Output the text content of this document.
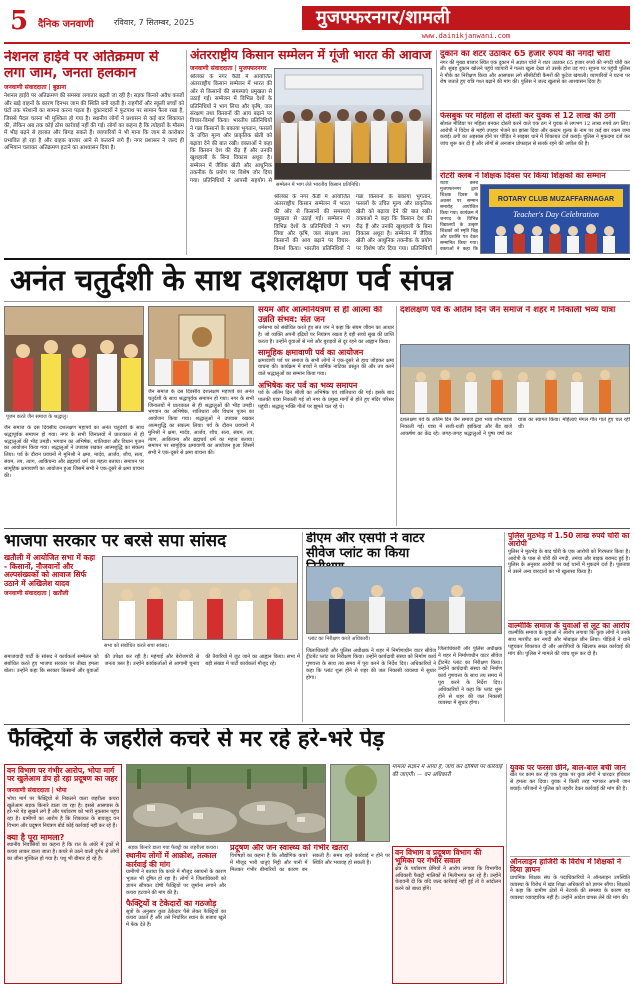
5 दैनिक जनवाणी	रविवार, 7 सितम्बर, 2025	मुजफ्फरनगर/शामली
www.dainikjanwani.com
नेशनल हाईवे पर अतिक्रमण से लगा जाम, जनता हलकान
जनवाणी संवाददाता | बुढाना
नेशनल हाईवे पर अतिक्रमण की समस्या लगातार बढ़ती जा रही है। सड़क किनारे अवैध कब्जों और खड़े वाहनों के कारण दिनभर जाम की स्थिति बनी रहती है। राहगीरों और स्कूली बच्चों को घंटों तक परेशानी का सामना करना पड़ता है। दुकानदारों ने फुटपाथ पर सामान फैला रखा है, जिससे पैदल चलना भी मुश्किल हो गया है। स्थानीय लोगों ने प्रशासन से कई बार शिकायत की, लेकिन अब तक कोई ठोस कार्रवाई नहीं की गई। लोगों का कहना है कि त्योहारों के मौसम में भीड़ बढ़ने से हालात और बिगड़ सकते हैं। व्यापारियों ने भी माना कि जाम से कारोबार प्रभावित हो रहा है और ग्राहक बाजार आने से कतराने लगे हैं। नगर प्रशासन ने जल्द ही अभियान चलाकर अतिक्रमण हटाने का आश्वासन दिया है।
अंतरराष्ट्रीय किसान सम्मेलन में गूंजी भारत की आवाज
जनवाणी संवाददाता | मुजफ्फरनगर
श्रीलंका के नगर कैंडी में आयोजित अंतरराष्ट्रीय किसान सम्मेलन में भारत की ओर से किसानों की समस्याएं प्रमुखता से उठाई गईं। सम्मेलन में विभिन्न देशों के प्रतिनिधियों ने भाग लिया और कृषि, जल संरक्षण तथा किसानों की आय बढ़ाने पर विचार-विमर्श किया। भारतीय प्रतिनिधियों ने गन्ना किसानों के बकाया भुगतान, फसलों के उचित मूल्य और प्राकृतिक खेती को बढ़ावा देने की बात रखी। वक्ताओं ने कहा कि किसान देश की रीढ़ हैं और उनकी खुशहाली के बिना विकास अधूरा है। सम्मेलन में जैविक खेती और आधुनिक तकनीक के प्रयोग पर विशेष जोर दिया गया। प्रतिनिधियों ने आपसी सहयोग से
सम्मेलन में भाग लेते भारतीय किसान प्रतिनिधि।
श्रीलंका के नगर कैंडी में आयोजित अंतरराष्ट्रीय किसान सम्मेलन में भारत की ओर से किसानों की समस्याएं प्रमुखता से उठाई गईं। सम्मेलन में विभिन्न देशों के प्रतिनिधियों ने भाग लिया और कृषि, जल संरक्षण तथा किसानों की आय बढ़ाने पर विचार-विमर्श किया। भारतीय प्रतिनिधियों ने गन्ना किसानों के बकाया भुगतान, फसलों के उचित मूल्य और प्राकृतिक खेती को बढ़ावा देने की बात रखी। वक्ताओं ने कहा कि किसान देश की रीढ़ हैं और उनकी खुशहाली के बिना विकास अधूरा है। सम्मेलन में जैविक खेती और आधुनिक तकनीक के प्रयोग पर विशेष जोर दिया गया। प्रतिनिधियों
दुकान का शटर उठाकर 65 हजार रुपये की नगदी चोरी
नगर की मुख्य बाजार स्थित एक दुकान में अज्ञात चोरों ने शटर उठाकर 65 हजार रुपये की नगदी चोरी कर ली। सुबह दुकान खोलने पहुंचे व्यापारी ने गल्ला खुला देखा तो उसके होश उड़ गए। सूचना पर पहुंची पुलिस ने मौके का निरीक्षण किया और आसपास लगे सीसीटीवी कैमरों की फुटेज खंगाली। व्यापारियों ने घटना पर रोष जताते हुए रात्रि गश्त बढ़ाने की मांग की। पुलिस ने जल्द खुलासे का आश्वासन दिया है।
फेसबुक पर महिला से दोस्ती कर युवक से 12 लाख की ठगी
सोशल मीडिया पर महिला बनकर दोस्ती करने वाले एक ठग ने युवक से लगभग 12 लाख रुपये ठग लिए। आरोपी ने विदेश से महंगे उपहार भेजने का झांसा दिया और कस्टम शुल्क के नाम पर कई बार रकम जमा कराई। ठगी का अहसास होने पर पीड़ित ने साइबर थाने में शिकायत दर्ज कराई। पुलिस ने मुकदमा दर्ज कर जांच शुरू कर दी है और लोगों से अनजान प्रोफाइल से सतर्क रहने की अपील की है।
रोटरी क्लब ने शिक्षक दिवस पर किया शिक्षकों का सम्मान
ROTARY CLUB MUZAFFARNAGAR
Teacher's Day Celebration
रोटरी क्लब मुजफ्फरनगर द्वारा शिक्षक दिवस के अवसर पर सम्मान समारोह आयोजित किया गया। कार्यक्रम में जनपद के विभिन्न विद्यालयों के उत्कृष्ट शिक्षकों को स्मृति चिह्न और प्रशस्ति पत्र देकर सम्मानित किया गया। वक्ताओं ने कहा कि
अनंत चतुर्दशी के साथ दशलक्षण पर्व संपन्न
पूजन करते जैन समाज के श्रद्धालु।
जैन समाज के दस दिवसीय दशलक्षण महापर्व का अनंत चतुर्दशी के साथ श्रद्धापूर्वक समापन हो गया। नगर के सभी जिनालयों में प्रातःकाल से ही श्रद्धालुओं की भीड़ उमड़ी। भगवान का अभिषेक, शांतिधारा और विधान पूजन का आयोजन किया गया। श्रद्धालुओं ने उपवास रखकर आत्मशुद्धि का संकल्प लिया। पर्व के दौरान प्रवचनों में मुनिश्री ने क्षमा, मार्दव, आर्जव, शौच, सत्य, संयम, तप, त्याग, आकिंचन्य और ब्रह्मचर्य धर्म का महत्व बताया। समापन पर सामूहिक क्षमावाणी का आयोजन हुआ जिसमें सभी ने एक-दूसरे से क्षमा याचना की।
जैन समाज के दस दिवसीय दशलक्षण महापर्व का अनंत चतुर्दशी के साथ श्रद्धापूर्वक समापन हो गया। नगर के सभी जिनालयों में प्रातःकाल से ही श्रद्धालुओं की भीड़ उमड़ी। भगवान का अभिषेक, शांतिधारा और विधान पूजन का आयोजन किया गया। श्रद्धालुओं ने उपवास रखकर आत्मशुद्धि का संकल्प लिया। पर्व के दौरान प्रवचनों में मुनिश्री ने क्षमा, मार्दव, आर्जव, शौच, सत्य, संयम, तप, त्याग, आकिंचन्य और ब्रह्मचर्य धर्म का महत्व बताया। समापन पर सामूहिक क्षमावाणी का आयोजन हुआ जिसमें सभी ने एक-दूसरे से क्षमा याचना की।
संयम और आत्मनियंत्रण से ही आत्मा की उन्नति संभव: संत जन
धर्मसभा को संबोधित करते हुए संत जन ने कहा कि संयम जीवन का आधार है। जो व्यक्ति अपनी इंद्रियों पर नियंत्रण रखता है वही सच्चे सुख की प्राप्ति करता है। उन्होंने युवाओं से नशे और बुराइयों से दूर रहने का आह्वान किया।
सामूहिक क्षमावाणी पर्व का आयोजन
क्षमावाणी पर्व पर समाज के सभी लोगों ने एक-दूसरे से हाथ जोड़कर क्षमा याचना की। कार्यक्रम में बच्चों ने धार्मिक नाटिका प्रस्तुत की और तप करने वाले श्रद्धालुओं का सम्मान किया गया।
अभिषेक कर पर्व का भव्य समापन
पर्व के अंतिम दिन श्रीजी का अभिषेक एवं शांतिधारा की गई। इसके बाद पालकी यात्रा निकाली गई जो नगर के प्रमुख मार्गों से होते हुए मंदिर परिसर पहुंची। श्रद्धालु भक्ति गीतों पर झूमते चल रहे थे।
दशलक्षण पर्व के अंतिम दिन जैन समाज ने शहर में निकाली भव्य यात्रा
दशलक्षण पर्व के अंतिम दिन जैन समाज द्वारा भव्य शोभायात्रा निकाली गई। यात्रा में सजी-धजी झांकियां और बैंड बाजे आकर्षण का केंद्र रहे। जगह-जगह श्रद्धालुओं ने पुष्प वर्षा कर यात्रा का स्वागत किया। महिलाएं मंगल गीत गाते हुए चल रही थीं।
भाजपा सरकार पर बरसे सपा सांसद
खतौली में आयोजित सभा में कहा - किसानों, नौजवानों और अल्पसंख्यकों को आवाज सिर्फ उठाने में अखिलेश यादव
सभा को संबोधित करते सपा सांसद।
जनवाणी संवाददाता | खतौली
समाजवादी पार्टी के सांसद ने कार्यकर्ता सम्मेलन को संबोधित करते हुए भाजपा सरकार पर तीखा हमला बोला। उन्होंने कहा कि सरकार किसानों और युवाओं की उपेक्षा कर रही है। महंगाई और बेरोजगारी से जनता त्रस्त है। उन्होंने कार्यकर्ताओं से आगामी चुनाव की तैयारियों में जुट जाने का आह्वान किया। सभा में बड़ी संख्या में पार्टी कार्यकर्ता मौजूद रहे।
डीएम और एसपी ने वाटर सीवेज प्लांट का किया
जिलाधिकारी और पुलिस अधीक्षक ने शहर में निर्माणाधीन वाटर सीवेज ट्रीटमेंट प्लांट का निरीक्षण किया। उन्होंने कार्यदायी संस्था को निर्माण कार्य गुणवत्ता के साथ तय समय में पूरा करने के निर्देश दिए। अधिकारियों ने कहा कि प्लांट शुरू होने से शहर की जल निकासी व्यवस्था में सुधार होगा।
प्लांट का निरीक्षण करते अधिकारी।
जिलाधिकारी और पुलिस अधीक्षक ने शहर में निर्माणाधीन वाटर सीवेज ट्रीटमेंट प्लांट का निरीक्षण किया। उन्होंने कार्यदायी संस्था को निर्माण कार्य गुणवत्ता के साथ तय समय में पूरा करने के निर्देश दिए। अधिकारियों ने कहा कि प्लांट शुरू होने से शहर की जल निकासी व्यवस्था में सुधार होगा।
पुलिस मुठभेड़ में 1.50 लाख रुपये चोरी का आरोपी
पुलिस ने मुठभेड़ के बाद चोरी के एक आरोपी को गिरफ्तार किया है। आरोपी के पास से चोरी की नगदी, तमंचा और बाइक बरामद हुई है। पुलिस के अनुसार आरोपी पर कई थानों में मुकदमे दर्ज हैं। पूछताछ में उसने अन्य वारदातों का भी खुलासा किया है।
वाल्मीकि समाज के युवाओं से लूट का आरोप
वाल्मीकि समाज के युवाओं ने आरोप लगाया कि कुछ लोगों ने उनके साथ मारपीट कर नगदी और मोबाइल छीन लिया। पीड़ितों ने थाने पहुंचकर शिकायत दी और आरोपियों के खिलाफ सख्त कार्रवाई की मांग की। पुलिस ने मामले की जांच शुरू कर दी है।
फैक्ट्रियों के जहरीले कचरे से मर रहे हरे-भरे पेड़
वन विभाग पर गंभीर आरोप, भोपा मार्ग पर खुलेआम डंप हो रहा प्रदूषण का जहर
जनवाणी संवाददाता | भोपा
भोपा मार्ग पर फैक्ट्रियों से निकलने वाला जहरीला कचरा खुलेआम सड़क किनारे डाला जा रहा है। इससे आसपास के हरे-भरे पेड़ सूखने लगे हैं और पर्यावरण को भारी नुकसान पहुंच रहा है। ग्रामीणों का आरोप है कि शिकायत के बावजूद वन विभाग और प्रदूषण नियंत्रण बोर्ड कोई कार्रवाई नहीं कर रहे हैं।
क्या है पूरा मामला?
स्थानीय निवासियों का कहना है कि रात के अंधेरे में ट्रकों से कचरा लाकर डाला जाता है। कचरे से उठने वाली दुर्गंध से लोगों का जीना मुश्किल हो गया है। पशु भी बीमार हो रहे हैं।
मामला संज्ञान में आया है, जांच कर दोषियों पर कार्रवाई की जाएगी। — वन अधिकारी
सड़क किनारे डाला गया फैक्ट्री का जहरीला कचरा।
स्थानीय लोगों में आक्रोश, तत्काल कार्रवाई की मांग
ग्रामीणों ने बताया कि कचरे में मौजूद रसायनों के कारण भूजल भी दूषित हो रहा है। लोगों ने जिलाधिकारी को ज्ञापन सौंपकर दोषी फैक्ट्रियों पर जुर्माना लगाने और कचरा हटवाने की मांग की है।
फैक्ट्रियों व टेकेदारों का गठजोड़
सूत्रों के अनुसार कुछ ठेकेदार पैसे लेकर फैक्ट्रियों का कचरा उठाते हैं और उसे निर्धारित स्थान के बजाय खुले में फेंक देते हैं।
प्रदूषण और जन स्वास्थ्य को गंभीर खतरा
विशेषज्ञों का कहना है कि औद्योगिक कचरे में मौजूद भारी धातुएं मिट्टी और पानी में मिलकर गंभीर बीमारियों का कारण बन सकती हैं। समय रहते कार्रवाई न होने पर स्थिति और भयावह हो सकती है।
वन विभाग व प्रदूषण विभाग की भूमिका पर गंभीर सवाल
क्षेत्र के पर्यावरण प्रेमियों ने आरोप लगाया कि विभागीय अधिकारी फैक्ट्री मालिकों से मिलीभगत कर रहे हैं। उन्होंने चेतावनी दी कि यदि जल्द कार्रवाई नहीं हुई तो वे आंदोलन करने को बाध्य होंगे।
युवक पर फरसा छीने, बाल-बाल बची जान
खेत पर काम कर रहे एक युवक पर कुछ लोगों ने धारदार हथियार से हमला कर दिया। युवक ने किसी तरह भागकर अपनी जान बचाई। परिजनों ने पुलिस को तहरीर देकर कार्रवाई की मांग की है।
ऑनलाइन हाजिरी के विरोध में शिक्षकों ने दिया ज्ञापन
प्राथमिक शिक्षक संघ के पदाधिकारियों ने ऑनलाइन उपस्थिति व्यवस्था के विरोध में खंड शिक्षा अधिकारी को ज्ञापन सौंपा। शिक्षकों ने कहा कि ग्रामीण क्षेत्रों में नेटवर्क की समस्या के कारण यह व्यवस्था व्यावहारिक नहीं है। उन्होंने आदेश वापस लेने की मांग की।
